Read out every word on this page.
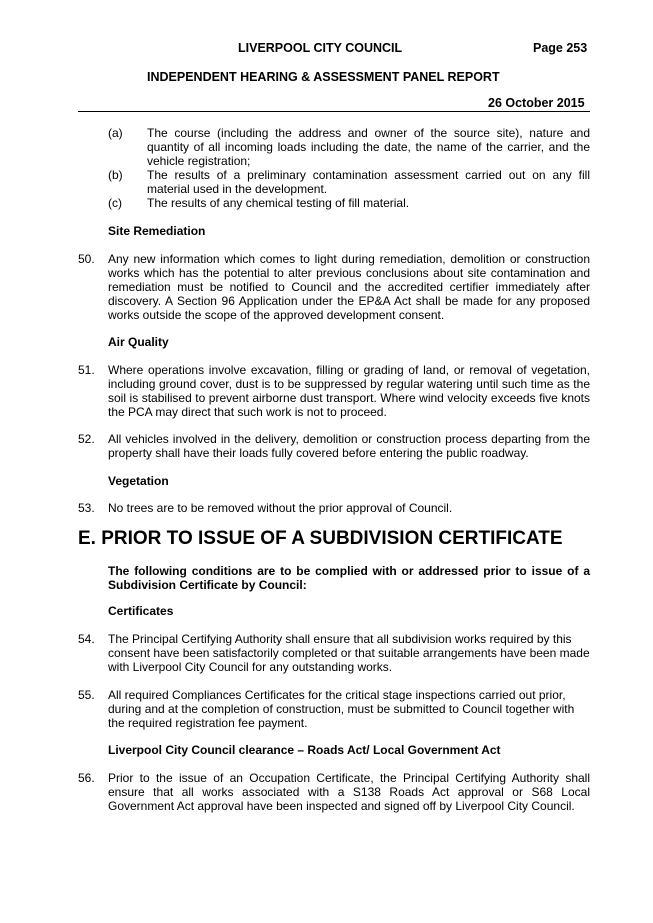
LIVERPOOL CITY COUNCIL	Page 253
INDEPENDENT HEARING & ASSESSMENT PANEL REPORT
26 October 2015
(a) The course (including the address and owner of the source site), nature and quantity of all incoming loads including the date, the name of the carrier, and the vehicle registration;
(b) The results of a preliminary contamination assessment carried out on any fill material used in the development.
(c) The results of any chemical testing of fill material.
Site Remediation
50. Any new information which comes to light during remediation, demolition or construction works which has the potential to alter previous conclusions about site contamination and remediation must be notified to Council and the accredited certifier immediately after discovery. A Section 96 Application under the EP&A Act shall be made for any proposed works outside the scope of the approved development consent.
Air Quality
51. Where operations involve excavation, filling or grading of land, or removal of vegetation, including ground cover, dust is to be suppressed by regular watering until such time as the soil is stabilised to prevent airborne dust transport. Where wind velocity exceeds five knots the PCA may direct that such work is not to proceed.
52. All vehicles involved in the delivery, demolition or construction process departing from the property shall have their loads fully covered before entering the public roadway.
Vegetation
53. No trees are to be removed without the prior approval of Council.
E. PRIOR TO ISSUE OF A SUBDIVISION CERTIFICATE
The following conditions are to be complied with or addressed prior to issue of a Subdivision Certificate by Council:
Certificates
54. The Principal Certifying Authority shall ensure that all subdivision works required by this consent have been satisfactorily completed or that suitable arrangements have been made with Liverpool City Council for any outstanding works.
55. All required Compliances Certificates for the critical stage inspections carried out prior, during and at the completion of construction, must be submitted to Council together with the required registration fee payment.
Liverpool City Council clearance – Roads Act/ Local Government Act
56. Prior to the issue of an Occupation Certificate, the Principal Certifying Authority shall ensure that all works associated with a S138 Roads Act approval or S68 Local Government Act approval have been inspected and signed off by Liverpool City Council.
